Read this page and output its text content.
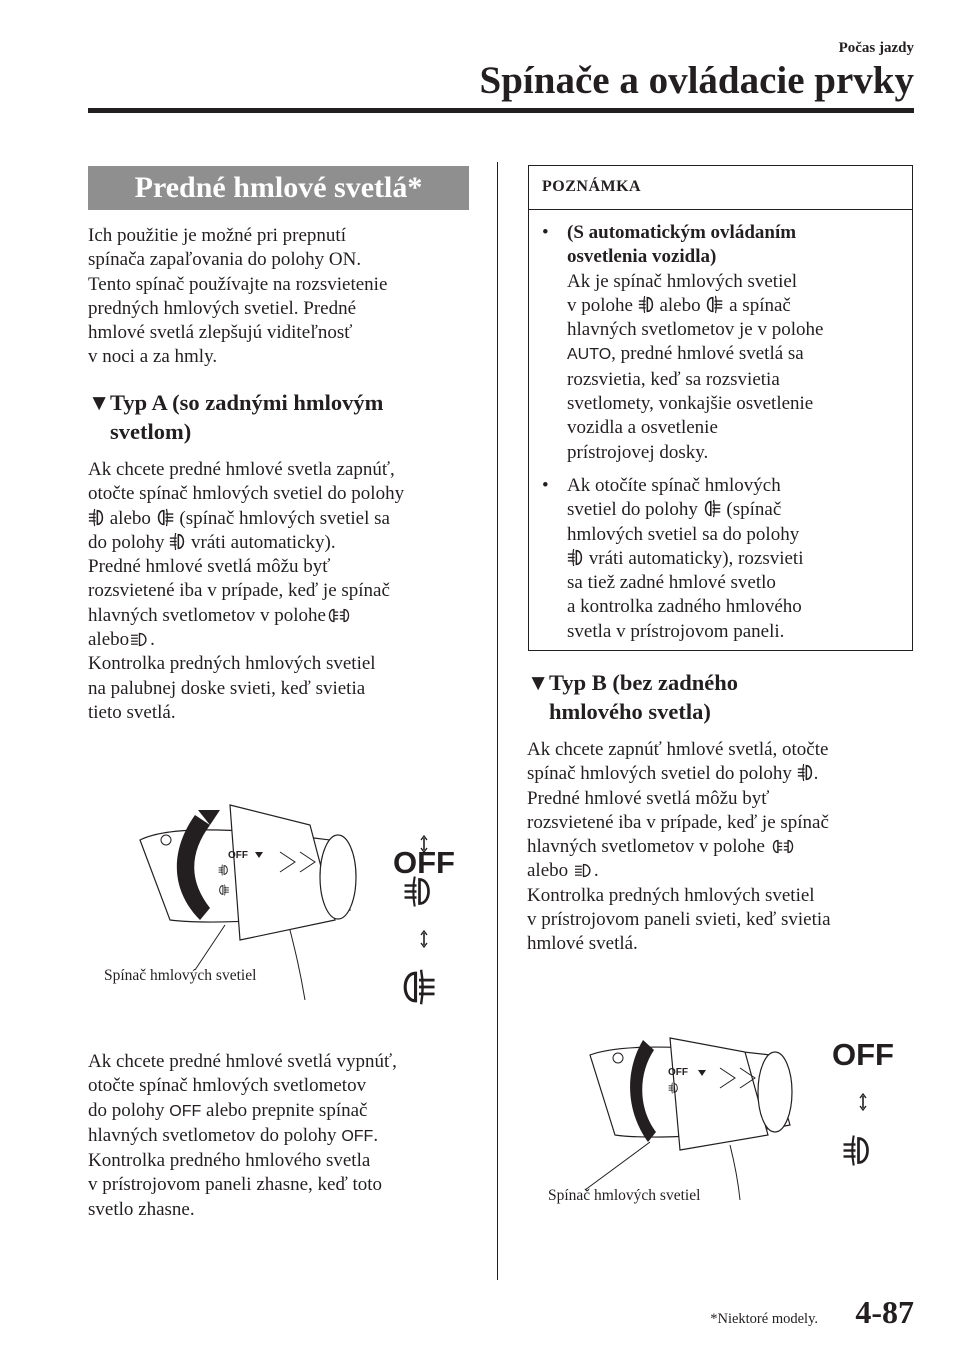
Počas jazdy
Spínače a ovládacie prvky
Predné hmlové svetlá*
Ich použitie je možné pri prepnutí
spínača zapaľovania do polohy ON.
Tento spínač používajte na rozsvietenie
predných hmlových svetiel. Predné
hmlové svetlá zlepšujú viditeľnosť
v noci a za hmly.
▼Typ A (so zadnými hmlovým
svetlom)
Ak chcete predné hmlové svetla zapnúť,
otočte spínač hmlových svetiel do polohy
alebo (spínač hmlových svetiel sa
do polohy vráti automaticky).
Predné hmlové svetlá môžu byť
rozsvietené iba v prípade, keď je spínač
hlavných svetlometov v polohe
alebo .
Kontrolka predných hmlových svetiel
na palubnej doske svieti, keď svietia
tieto svetlá.
OFF	OFF
Spínač hmlových svetiel
Ak chcete predné hmlové svetlá vypnúť,
otočte spínač hmlových svetlometov
do polohy OFF alebo prepnite spínač
hlavných svetlometov do polohy OFF.
Kontrolka predného hmlového svetla
v prístrojovom paneli zhasne, keď toto
svetlo zhasne.
POZNÁMKA
• (S automatickým ovládaním
osvetlenia vozidla)
Ak je spínač hmlových svetiel
v polohe alebo a spínač
hlavných svetlometov je v polohe
AUTO, predné hmlové svetlá sa
rozsvietia, keď sa rozsvietia
svetlomety, vonkajšie osvetlenie
vozidla a osvetlenie
prístrojovej dosky.
• Ak otočíte spínač hmlových
svetiel do polohy (spínač
hmlových svetiel sa do polohy
vráti automaticky), rozsvieti
sa tiež zadné hmlové svetlo
a kontrolka zadného hmlového
svetla v prístrojovom paneli.
▼Typ B (bez zadného
hmlového svetla)
Ak chcete zapnúť hmlové svetlá, otočte
spínač hmlových svetiel do polohy .
Predné hmlové svetlá môžu byť
rozsvietené iba v prípade, keď je spínač
hlavných svetlometov v polohe
alebo .
Kontrolka predných hmlových svetiel
v prístrojovom paneli svieti, keď svietia
hmlové svetlá.
OFF
OFF
Spínač hmlových svetiel
*Niektoré modely. 4-87
